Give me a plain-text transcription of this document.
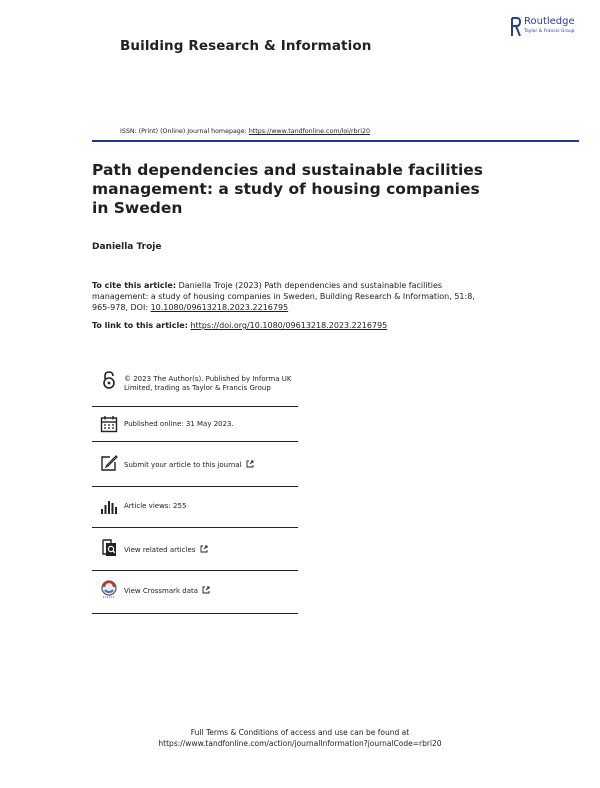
Building Research & Information
Routledge
Taylor & Francis Group
ISSN: (Print) (Online) Journal homepage: https://www.tandfonline.com/loi/rbri20
Path dependencies and sustainable facilities management: a study of housing companies in Sweden
Daniella Troje
To cite this article: Daniella Troje (2023) Path dependencies and sustainable facilities management: a study of housing companies in Sweden, Building Research & Information, 51:8, 965-978, DOI: 10.1080/09613218.2023.2216795
To link to this article: https://doi.org/10.1080/09613218.2023.2216795
© 2023 The Author(s). Published by Informa UK Limited, trading as Taylor & Francis Group
Published online: 31 May 2023.
Submit your article to this journal
Article views: 255
View related articles
View Crossmark data
Full Terms & Conditions of access and use can be found at
https://www.tandfonline.com/action/journalInformation?journalCode=rbri20
